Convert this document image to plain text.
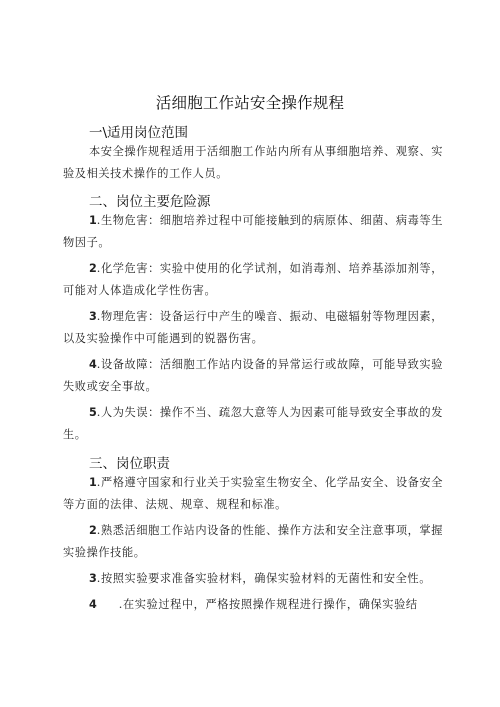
活细胞工作站安全操作规程
一\适用岗位范围
本安全操作规程适用于活细胞工作站内所有从事细胞培养、观察、实验及相关技术操作的工作人员。
二、岗位主要危险源
1.生物危害：细胞培养过程中可能接触到的病原体、细菌、病毒等生物因子。
2.化学危害：实验中使用的化学试剂，如消毒剂、培养基添加剂等，可能对人体造成化学性伤害。
3.物理危害：设备运行中产生的噪音、振动、电磁辐射等物理因素，以及实验操作中可能遇到的锐器伤害。
4.设备故障：活细胞工作站内设备的异常运行或故障，可能导致实验失败或安全事故。
5.人为失误：操作不当、疏忽大意等人为因素可能导致安全事故的发生。
三、岗位职责
1.严格遵守国家和行业关于实验室生物安全、化学品安全、设备安全等方面的法律、法规、规章、规程和标准。
2.熟悉活细胞工作站内设备的性能、操作方法和安全注意事项，掌握实验操作技能。
3.按照实验要求准备实验材料，确保实验材料的无菌性和安全性。
4 .在实验过程中，严格按照操作规程进行操作，确保实验结
